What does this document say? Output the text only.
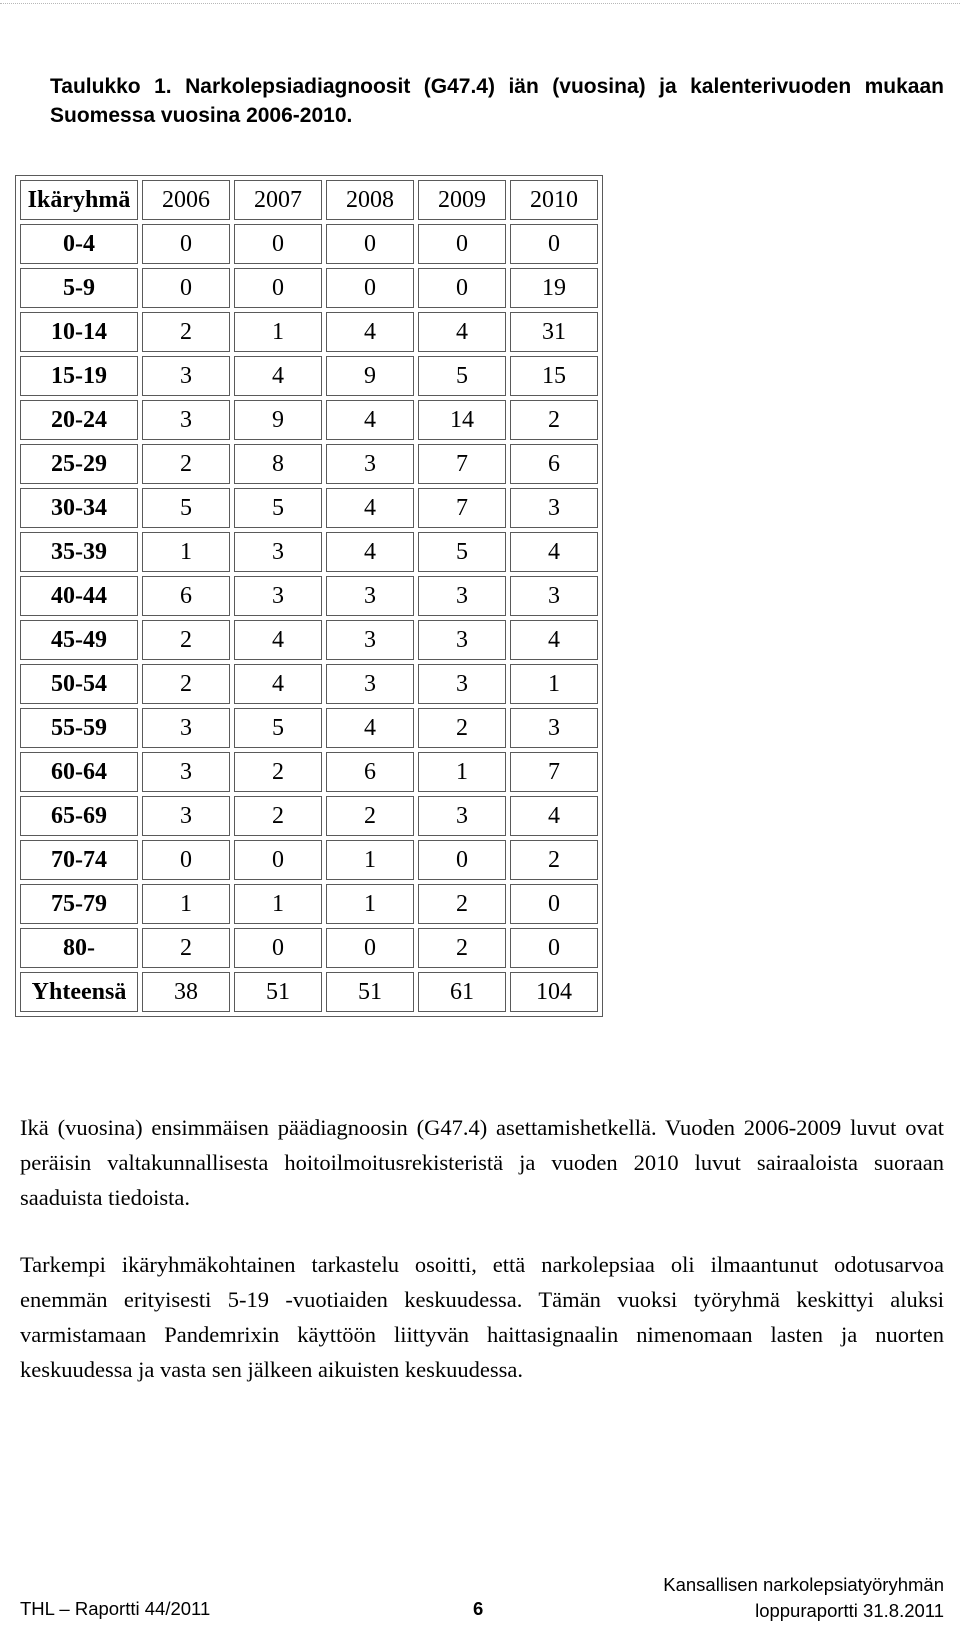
Taulukko 1. Narkolepsiadiagnoosit (G47.4) iän (vuosina) ja kalenterivuoden mukaan Suomessa vuosina 2006-2010.
Ikäryhmä	2006	2007	2008	2009	2010
0-4	0	0	0	0	0
5-9	0	0	0	0	19
10-14	2	1	4	4	31
15-19	3	4	9	5	15
20-24	3	9	4	14	2
25-29	2	8	3	7	6
30-34	5	5	4	7	3
35-39	1	3	4	5	4
40-44	6	3	3	3	3
45-49	2	4	3	3	4
50-54	2	4	3	3	1
55-59	3	5	4	2	3
60-64	3	2	6	1	7
65-69	3	2	2	3	4
70-74	0	0	1	0	2
75-79	1	1	1	2	0
80-	2	0	0	2	0
Yhteensä	38	51	51	61	104

Ikä (vuosina) ensimmäisen päädiagnoosin (G47.4) asettamishetkellä. Vuoden 2006-2009 luvut ovat peräisin valtakunnallisesta hoitoilmoitusrekisteristä ja vuoden 2010 luvut sairaaloista suoraan saaduista tiedoista.

Tarkempi ikäryhmäkohtainen tarkastelu osoitti, että narkolepsiaa oli ilmaantunut odotusarvoa enemmän erityisesti 5-19 -vuotiaiden keskuudessa. Tämän vuoksi työryhmä keskittyi aluksi varmistamaan Pandemrixin käyttöön liittyvän haittasignaalin nimenomaan lasten ja nuorten keskuudessa ja vasta sen jälkeen aikuisten keskuudessa.

THL – Raportti 44/2011	6
Kansallisen narkolepsiatyöryhmän
loppuraportti 31.8.2011
